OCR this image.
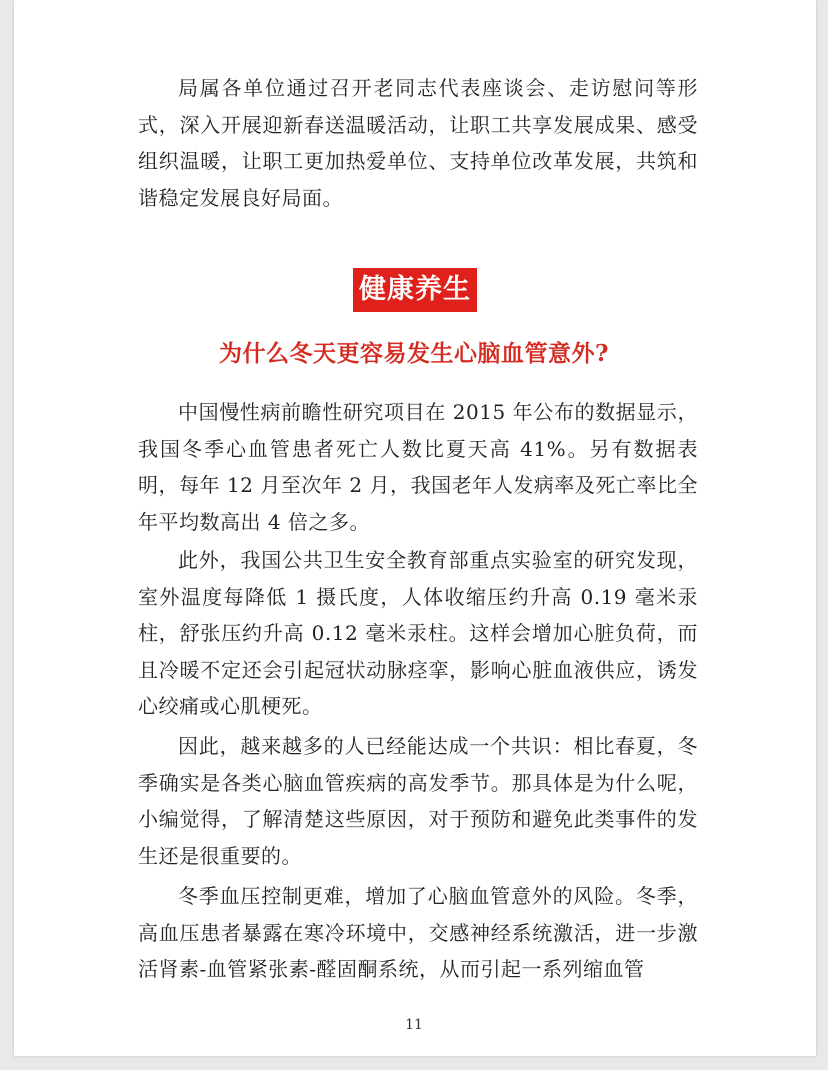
局属各单位通过召开老同志代表座谈会、走访慰问等形式，深入开展迎新春送温暖活动，让职工共享发展成果、感受组织温暖，让职工更加热爱单位、支持单位改革发展，共筑和谐稳定发展良好局面。

健康养生
为什么冬天更容易发生心脑血管意外?

中国慢性病前瞻性研究项目在 2015 年公布的数据显示，我国冬季心血管患者死亡人数比夏天高 41%。另有数据表明，每年 12 月至次年 2 月，我国老年人发病率及死亡率比全年平均数高出 4 倍之多。

此外，我国公共卫生安全教育部重点实验室的研究发现，室外温度每降低 1 摄氏度，人体收缩压约升高 0.19 毫米汞柱，舒张压约升高 0.12 毫米汞柱。这样会增加心脏负荷，而且冷暖不定还会引起冠状动脉痉挛，影响心脏血液供应，诱发心绞痛或心肌梗死。

因此，越来越多的人已经能达成一个共识：相比春夏，冬季确实是各类心脑血管疾病的高发季节。那具体是为什么呢，小编觉得，了解清楚这些原因，对于预防和避免此类事件的发生还是很重要的。

冬季血压控制更难，增加了心脑血管意外的风险。冬季，高血压患者暴露在寒冷环境中，交感神经系统激活，进一步激活肾素-血管紧张素-醛固酮系统，从而引起一系列缩血管

11
